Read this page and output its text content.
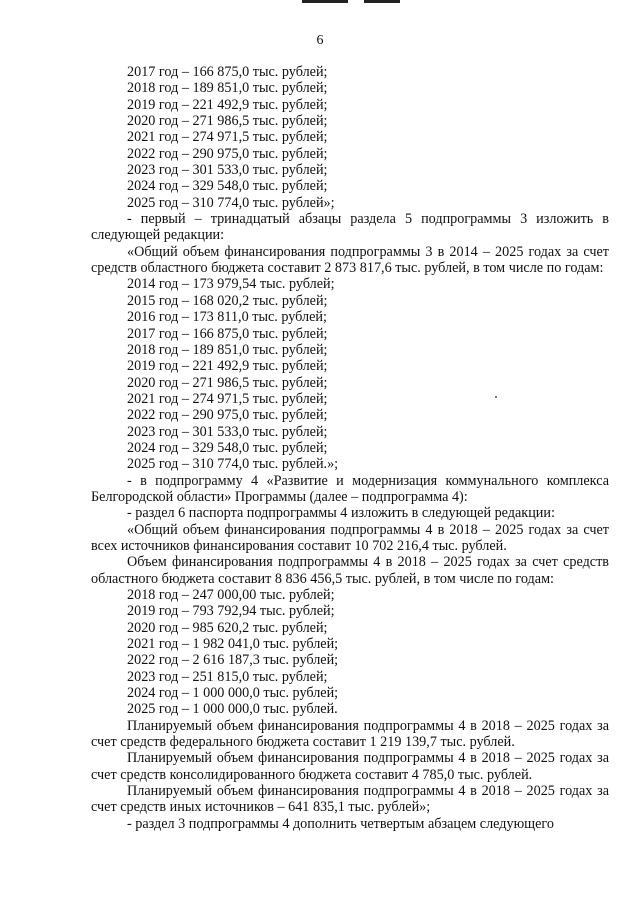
6

2017 год – 166 875,0 тыс. рублей;

2018 год – 189 851,0 тыс. рублей;

2019 год – 221 492,9 тыс. рублей;

2020 год – 271 986,5 тыс. рублей;

2021 год – 274 971,5 тыс. рублей;

2022 год – 290 975,0 тыс. рублей;

2023 год – 301 533,0 тыс. рублей;

2024 год – 329 548,0 тыс. рублей;

2025 год – 310 774,0 тыс. рублей»;

- первый – тринадцатый абзацы раздела 5 подпрограммы 3 изложить в следующей редакции:

«Общий объем финансирования подпрограммы 3 в 2014 – 2025 годах за счет средств областного бюджета составит 2 873 817,6 тыс. рублей, в том числе по годам:

2014 год – 173 979,54 тыс. рублей;

2015 год – 168 020,2 тыс. рублей;

2016 год – 173 811,0 тыс. рублей;

2017 год – 166 875,0 тыс. рублей;

2018 год – 189 851,0 тыс. рублей;

2019 год – 221 492,9 тыс. рублей;

2020 год – 271 986,5 тыс. рублей;

2021 год – 274 971,5 тыс. рублей;

2022 год – 290 975,0 тыс. рублей;

2023 год – 301 533,0 тыс. рублей;

2024 год – 329 548,0 тыс. рублей;

2025 год – 310 774,0 тыс. рублей.»;

- в подпрограмму 4 «Развитие и модернизация коммунального комплекса Белгородской области» Программы (далее – подпрограмма 4):

- раздел 6 паспорта подпрограммы 4 изложить в следующей редакции:

«Общий объем финансирования подпрограммы 4 в 2018 – 2025 годах за счет всех источников финансирования составит 10 702 216,4 тыс. рублей.

Объем финансирования подпрограммы 4 в 2018 – 2025 годах за счет средств областного бюджета составит 8 836 456,5 тыс. рублей, в том числе по годам:

2018 год – 247 000,00 тыс. рублей;

2019 год – 793 792,94 тыс. рублей;

2020 год – 985 620,2 тыс. рублей;

2021 год – 1 982 041,0 тыс. рублей;

2022 год – 2 616 187,3 тыс. рублей;

2023 год – 251 815,0 тыс. рублей;

2024 год – 1 000 000,0 тыс. рублей;

2025 год – 1 000 000,0 тыс. рублей.

Планируемый объем финансирования подпрограммы 4 в 2018 – 2025 годах за счет средств федерального бюджета составит 1 219 139,7 тыс. рублей.

Планируемый объем финансирования подпрограммы 4 в 2018 – 2025 годах за счет средств консолидированного бюджета составит 4 785,0 тыс. рублей.

Планируемый объем финансирования подпрограммы 4 в 2018 – 2025 годах за счет средств иных источников – 641 835,1 тыс. рублей»;

- раздел 3 подпрограммы 4 дополнить четвертым абзацем следующего
